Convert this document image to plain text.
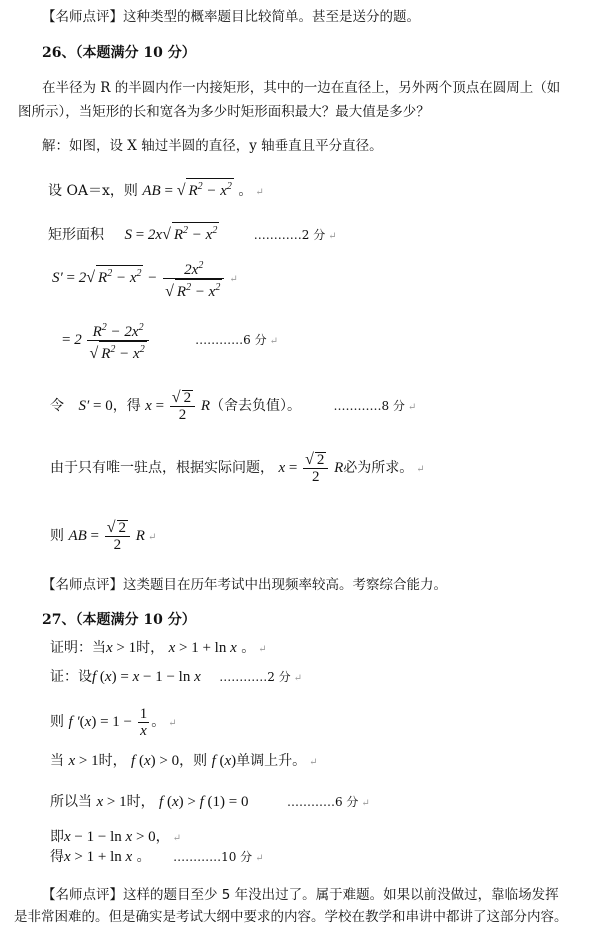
【名师点评】这种类型的概率题目比较简单。甚至是送分的题。
26、（本题满分 10 分）
在半径为 R 的半圆内作一内接矩形，其中的一边在直径上，另外两个顶点在圆周上（如
图所示），当矩形的长和宽各为多少时矩形面积最大？最大值是多少？
解：如图，设 X 轴过半圆的直径，y 轴垂直且平分直径。
设 OA＝x，则 AB = √ $R^2 - x^2$ 。 ↵
矩形面积 S = 2x√ $R^2 - x^2$	…………2 分 ↵
S′ = 2√ $R^2 - x^2 - \frac{2x^2}{√ R^2 - x^2}$ ↵
= $2 \frac{R^2 - 2x^2}{√ R^2 - x^2}$	…………6 分 ↵
令 S′ = 0，得 $x = \frac{√ 2}{2} R$（舍去负值）。	…………8 分 ↵
由于只有唯一驻点，根据实际问题， $x = \frac{√ 2}{2}$ R必为所求。 ↵
则 AB = $\frac{√ 2}{2}$ R ↵
【名师点评】这类题目在历年考试中出现频率较高。考察综合能力。
27、（本题满分 10 分）
证明：当x > 1时， x > 1 + ln x 。 ↵
证：设f (x) = x − 1 − ln x …………2 分 ↵
则 f $'(x) = 1 - \frac{1}{x}$ 。 ↵
当 x > 1时， f (x) > 0，则 f (x)单调上升。 ↵
所以当 x > 1时， f (x) > f (1) = 0	…………6 分 ↵
即x − 1 − ln x > 0， ↵
得x > 1 + ln x 。 …………10 分 ↵
【名师点评】这样的题目至少 5 年没出过了。属于难题。如果以前没做过，靠临场发挥
是非常困难的。但是确实是考试大纲中要求的内容。学校在教学和串讲中都讲了这部分内容。
